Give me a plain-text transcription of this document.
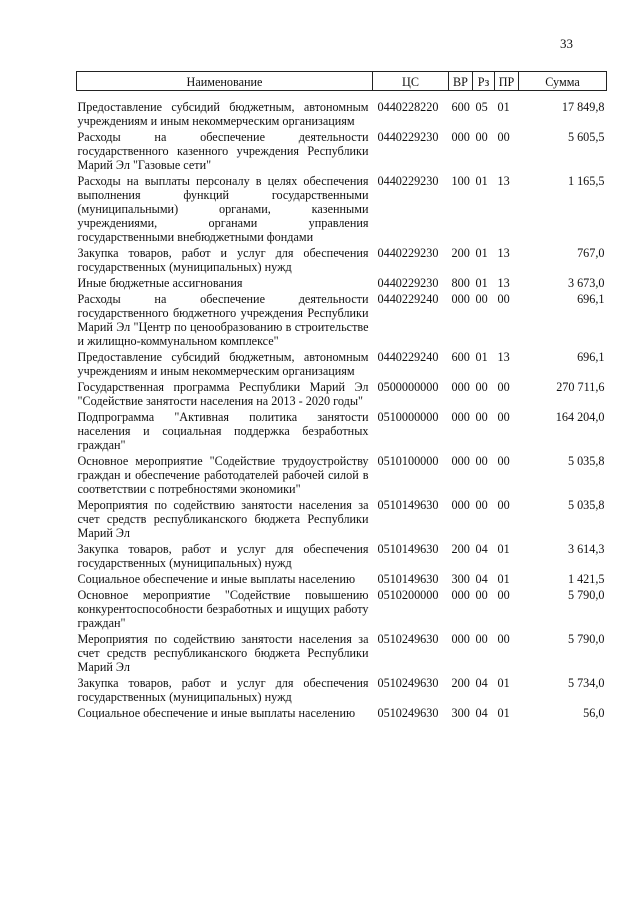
33
Наименование	ЦС	ВР	Рз	ПР	Сумма

Предоставление субсидий бюджетным, автономным учреждениям и иным некоммерческим организациям	0440228220	600	05	01	17 849,8
Расходы на обеспечение деятельности государственного казенного учреждения Республики Марий Эл "Газовые сети"	0440229230	000	00	00	5 605,5
Расходы на выплаты персоналу в целях обеспечения выполнения функций государственными (муниципальными) органами, казенными учреждениями, органами управления государственными внебюджетными фондами	0440229230	100	01	13	1 165,5
Закупка товаров, работ и услуг для обеспечения государственных (муниципальных) нужд	0440229230	200	01	13	767,0
Иные бюджетные ассигнования	0440229230	800	01	13	3 673,0
Расходы на обеспечение деятельности государственного бюджетного учреждения Республики Марий Эл "Центр по ценообразованию в строительстве и жилищно-коммунальном комплексе"	0440229240	000	00	00	696,1
Предоставление субсидий бюджетным, автономным учреждениям и иным некоммерческим организациям	0440229240	600	01	13	696,1
Государственная программа Республики Марий Эл "Содействие занятости населения на 2013 - 2020 годы"	0500000000	000	00	00	270 711,6
Подпрограмма "Активная политика занятости населения и социальная поддержка безработных граждан"	0510000000	000	00	00	164 204,0
Основное мероприятие "Содействие трудоустройству граждан и обеспечение работодателей рабочей силой в соответствии с потребностями экономики"	0510100000	000	00	00	5 035,8
Мероприятия по содействию занятости населения за счет средств республиканского бюджета Республики Марий Эл	0510149630	000	00	00	5 035,8
Закупка товаров, работ и услуг для обеспечения государственных (муниципальных) нужд	0510149630	200	04	01	3 614,3
Социальное обеспечение и иные выплаты населению	0510149630	300	04	01	1 421,5
Основное мероприятие "Содействие повышению конкурентоспособности безработных и ищущих работу граждан"	0510200000	000	00	00	5 790,0
Мероприятия по содействию занятости населения за счет средств республиканского бюджета Республики Марий Эл	0510249630	000	00	00	5 790,0
Закупка товаров, работ и услуг для обеспечения государственных (муниципальных) нужд	0510249630	200	04	01	5 734,0
Социальное обеспечение и иные выплаты населению	0510249630	300	04	01	56,0
